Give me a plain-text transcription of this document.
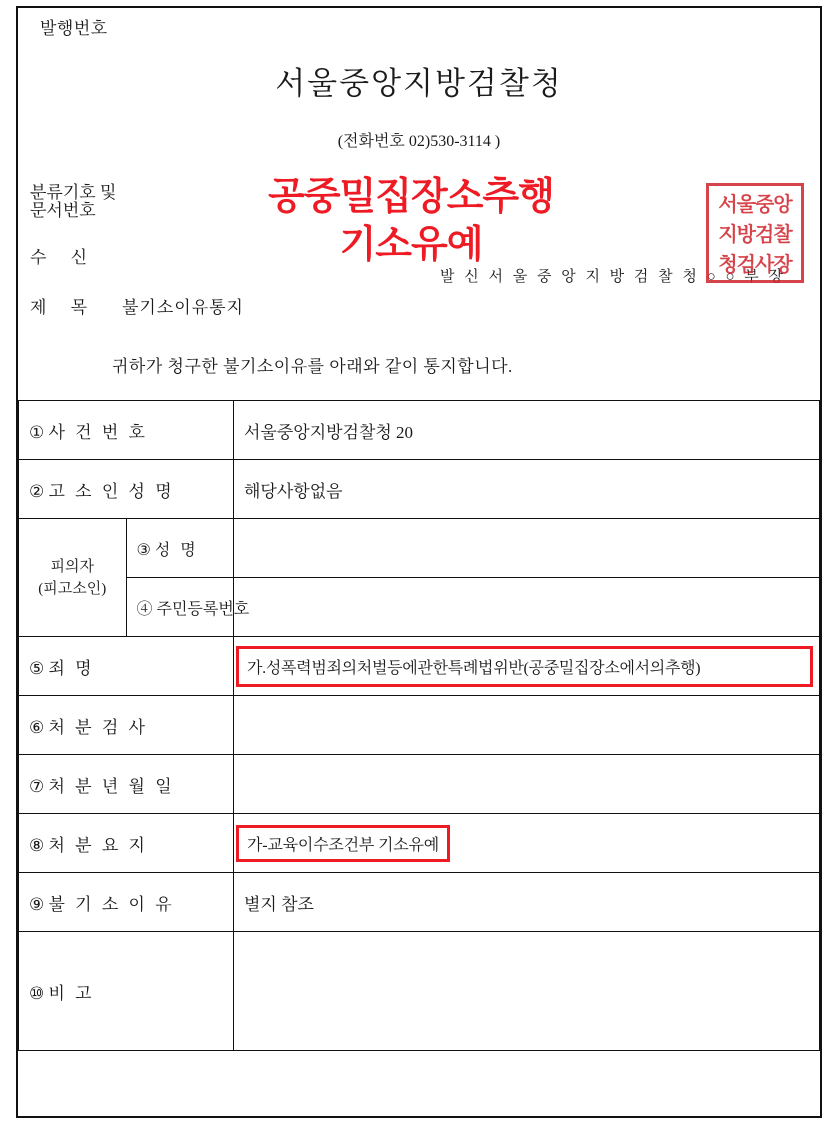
발행번호
서울중앙지방검찰청
(전화번호 02)530-3114 )
분류기호 및
문서번호
수 신
제 목 불기소이유통지
발 신 서 울 중 앙 지 방 검 찰 청 ○ ○ 부 장
귀하가 청구한 불기소이유를 아래와 같이 통지합니다.
서울중앙
지방검찰
청검사장
공중밀집장소추행
기소유예
① 사 건 번 호		서울중앙지방검찰청 20
② 고 소 인 성 명		해당사항없음

피의자
(피고소인)	③ 성 명	
	④ 주민등록번호	
⑤ 죄 명		가.성폭력범죄의처벌등에관한특례법위반(공중밀집장소에서의추행)

⑥ 처 분 검 사		
⑦ 처 분 년 월 일		
⑧ 처 분 요 지		가-교육이수조건부 기소유예
⑨ 불 기 소 이 유		별지 참조
⑩ 비 고		
